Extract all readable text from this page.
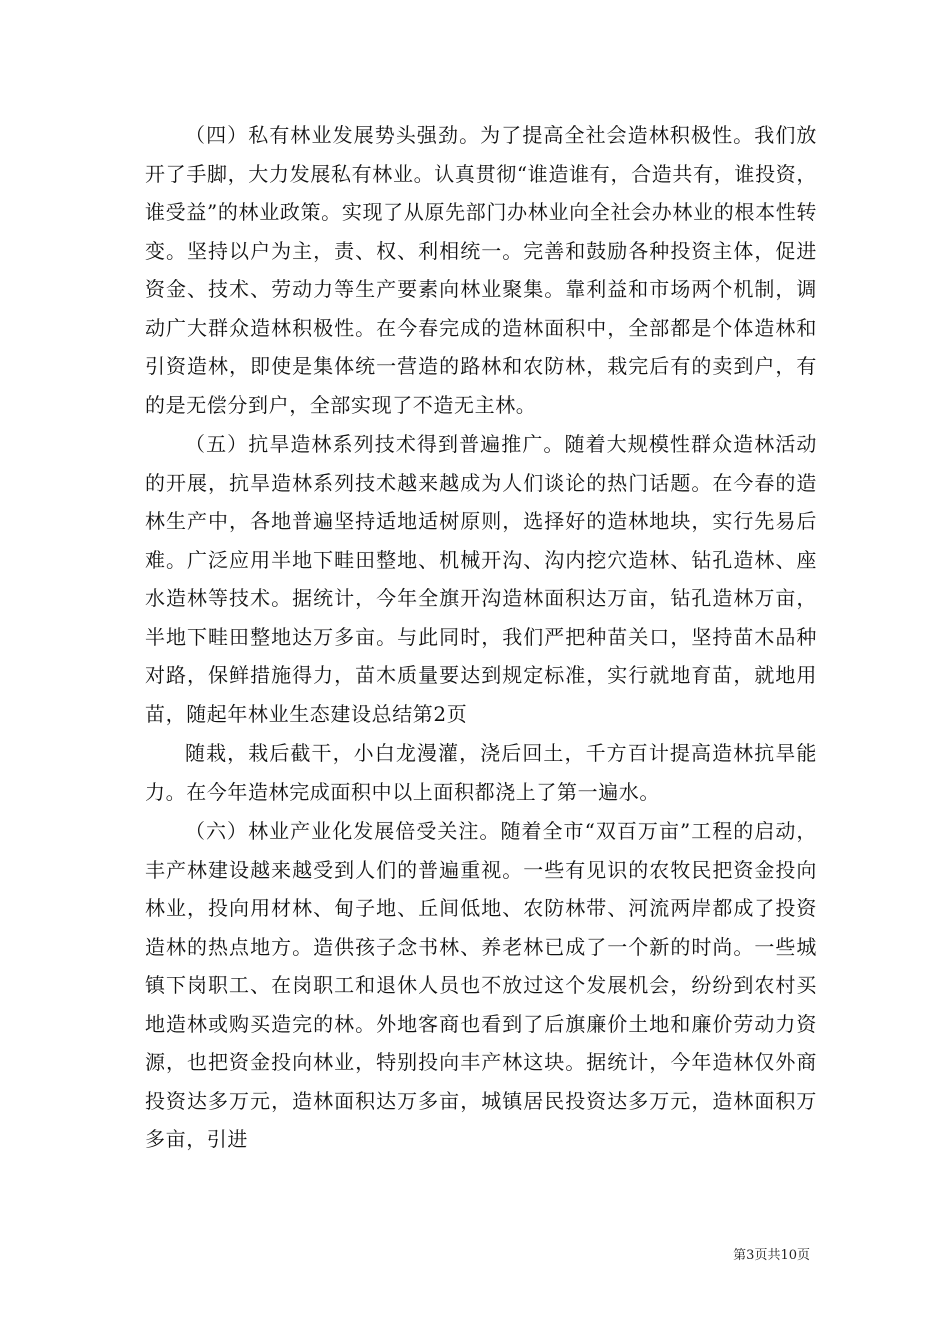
（四）私有林业发展势头强劲。为了提高全社会造林积极性。我们放开了手脚，大力发展私有林业。认真贯彻“谁造谁有，合造共有，谁投资，谁受益”的林业政策。实现了从原先部门办林业向全社会办林业的根本性转变。坚持以户为主，责、权、利相统一。完善和鼓励各种投资主体，促进资金、技术、劳动力等生产要素向林业聚集。靠利益和市场两个机制，调动广大群众造林积极性。在今春完成的造林面积中，全部都是个体造林和引资造林，即使是集体统一营造的路林和农防林，栽完后有的卖到户，有的是无偿分到户，全部实现了不造无主林。

（五）抗旱造林系列技术得到普遍推广。随着大规模性群众造林活动的开展，抗旱造林系列技术越来越成为人们谈论的热门话题。在今春的造林生产中，各地普遍坚持适地适树原则，选择好的造林地块，实行先易后难。广泛应用半地下畦田整地、机械开沟、沟内挖穴造林、钻孔造林、座水造林等技术。据统计，今年全旗开沟造林面积达万亩，钻孔造林万亩，半地下畦田整地达万多亩。与此同时，我们严把种苗关口，坚持苗木品种对路，保鲜措施得力，苗木质量要达到规定标准，实行就地育苗，就地用苗，随起年林业生态建设总结第2页

随栽，栽后截干，小白龙漫灌，浇后回土，千方百计提高造林抗旱能力。在今年造林完成面积中以上面积都浇上了第一遍水。

（六）林业产业化发展倍受关注。随着全市“双百万亩”工程的启动，丰产林建设越来越受到人们的普遍重视。一些有见识的农牧民把资金投向林业，投向用材林、甸子地、丘间低地、农防林带、河流两岸都成了投资造林的热点地方。造供孩子念书林、养老林已成了一个新的时尚。一些城镇下岗职工、在岗职工和退休人员也不放过这个发展机会，纷纷到农村买地造林或购买造完的林。外地客商也看到了后旗廉价土地和廉价劳动力资源，也把资金投向林业，特别投向丰产林这块。据统计，今年造林仅外商投资达多万元，造林面积达万多亩，城镇居民投资达多万元，造林面积万多亩，引进

第3页共10页
